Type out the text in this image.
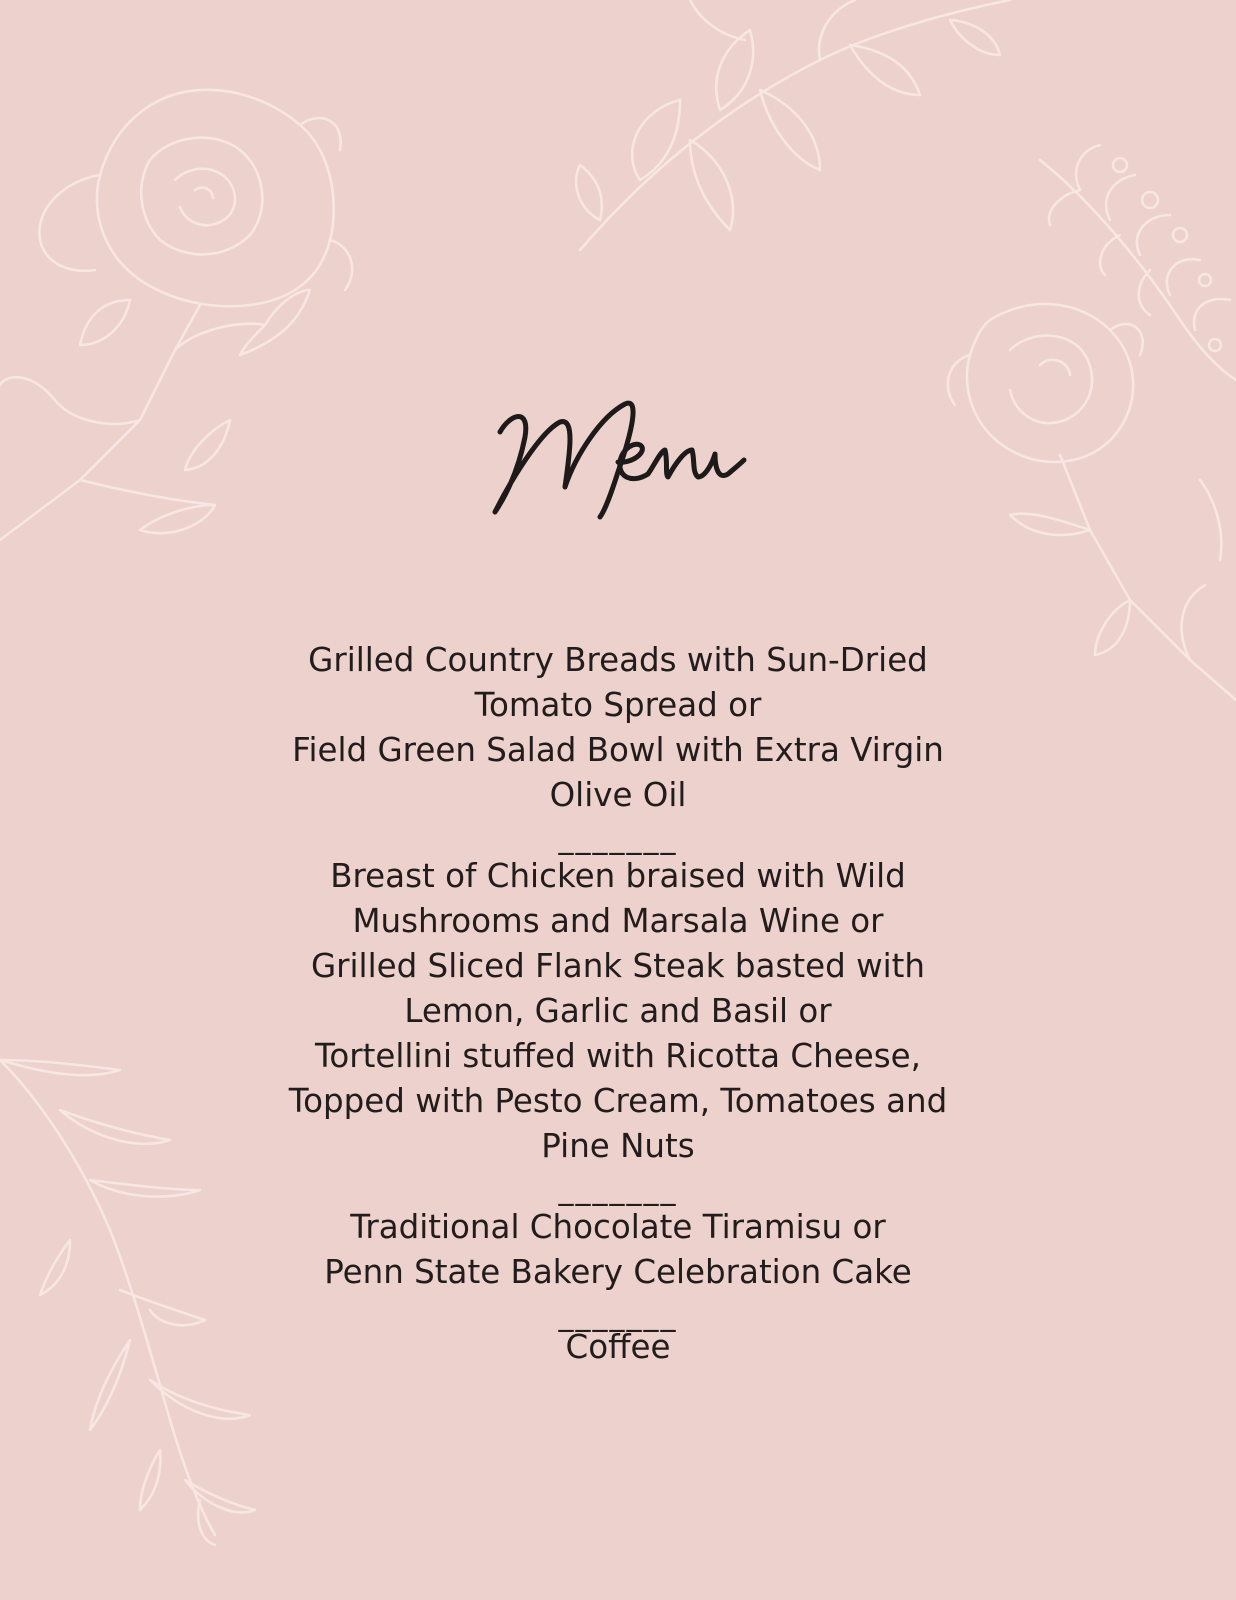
Grilled Country Breads with Sun-Dried
Tomato Spread or
Field Green Salad Bowl with Extra Virgin
Olive Oil
_______
Breast of Chicken braised with Wild
Mushrooms and Marsala Wine or
Grilled Sliced Flank Steak basted with
Lemon, Garlic and Basil or
Tortellini stuffed with Ricotta Cheese,
Topped with Pesto Cream, Tomatoes and
Pine Nuts
_______
Traditional Chocolate Tiramisu or
Penn State Bakery Celebration Cake
_______
Coffee
